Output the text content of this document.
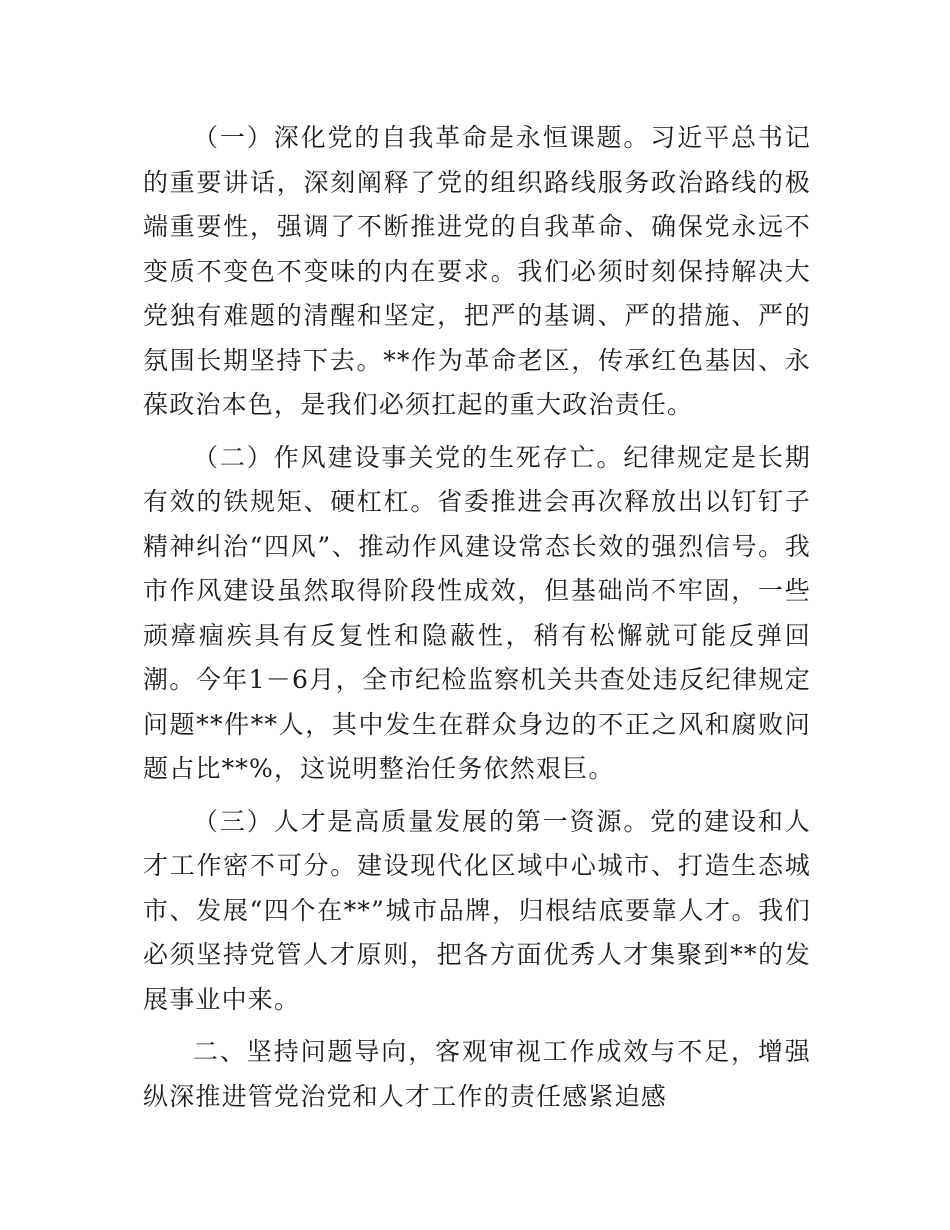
（一）深化党的自我革命是永恒课题。习近平总书记的重要讲话，深刻阐释了党的组织路线服务政治路线的极端重要性，强调了不断推进党的自我革命、确保党永远不变质不变色不变味的内在要求。我们必须时刻保持解决大党独有难题的清醒和坚定，把严的基调、严的措施、严的氛围长期坚持下去。**作为革命老区，传承红色基因、永葆政治本色，是我们必须扛起的重大政治责任。

（二）作风建设事关党的生死存亡。纪律规定是长期有效的铁规矩、硬杠杠。省委推进会再次释放出以钉钉子精神纠治“四风”、推动作风建设常态长效的强烈信号。我市作风建设虽然取得阶段性成效，但基础尚不牢固，一些顽瘴痼疾具有反复性和隐蔽性，稍有松懈就可能反弹回潮。今年1－6月，全市纪检监察机关共查处违反纪律规定问题**件**人，其中发生在群众身边的不正之风和腐败问题占比**%，这说明整治任务依然艰巨。

（三）人才是高质量发展的第一资源。党的建设和人才工作密不可分。建设现代化区域中心城市、打造生态城市、发展“四个在**”城市品牌，归根结底要靠人才。我们必须坚持党管人才原则，把各方面优秀人才集聚到**的发展事业中来。

二、坚持问题导向，客观审视工作成效与不足，增强纵深推进管党治党和人才工作的责任感紧迫感
